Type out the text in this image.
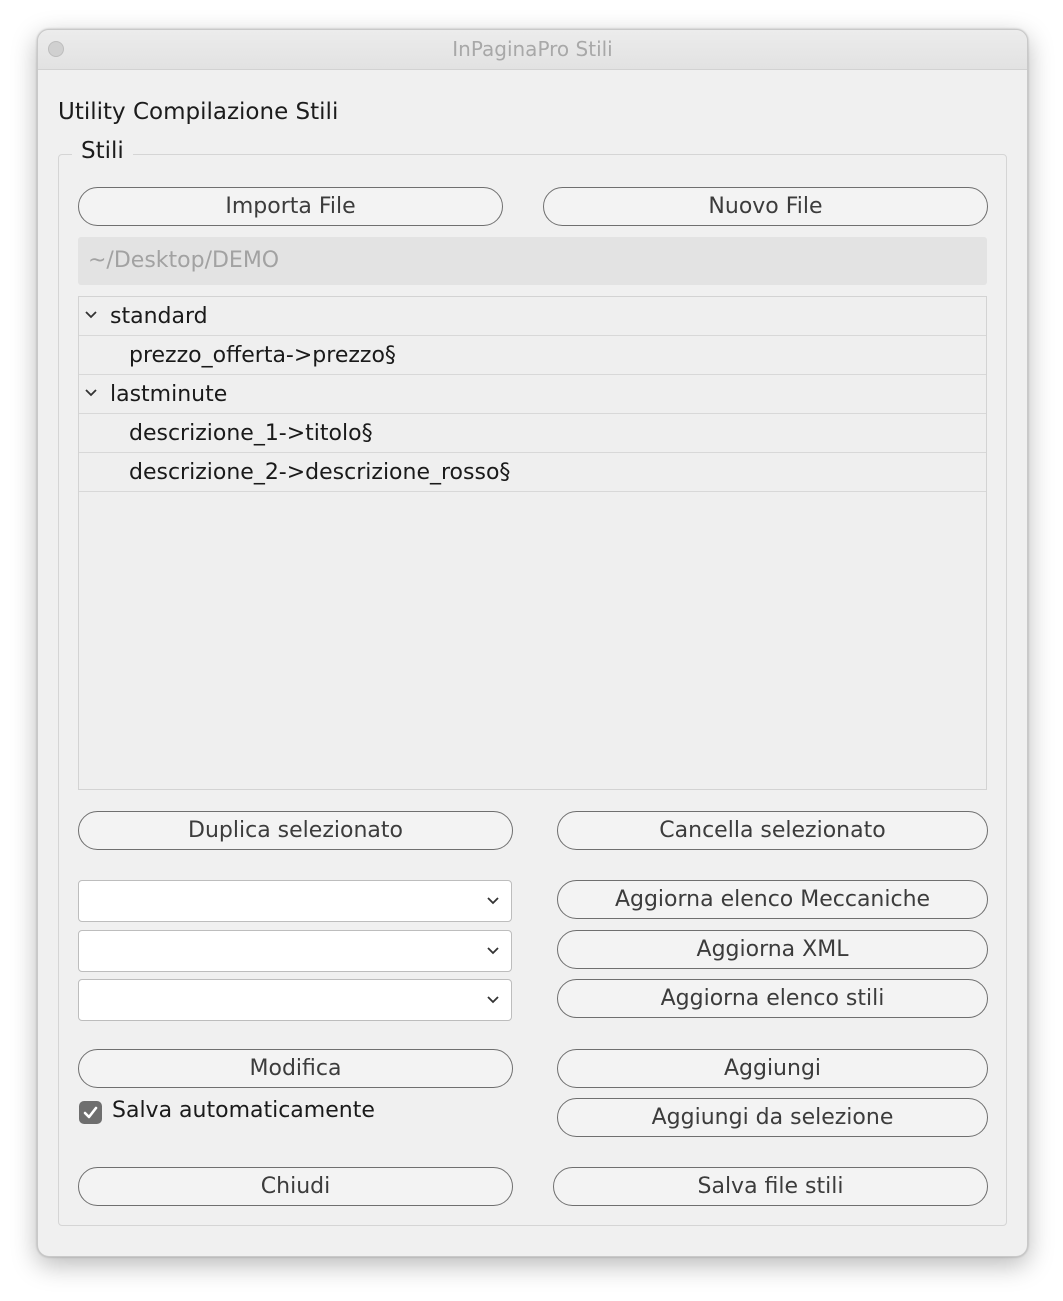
InPaginaPro Stili
Utility Compilazione Stili
Stili
Importa File	Nuovo File
~/Desktop/DEMO
standard
prezzo_offerta->prezzo§
lastminute
descrizione_1->titolo§
descrizione_2->descrizione_rosso§
Duplica selezionato	Cancella selezionato
Aggiorna elenco Meccaniche
Aggiorna XML
Aggiorna elenco stili
Modifica	Aggiungi
Salva automaticamente	Aggiungi da selezione
Chiudi	Salva file stili
